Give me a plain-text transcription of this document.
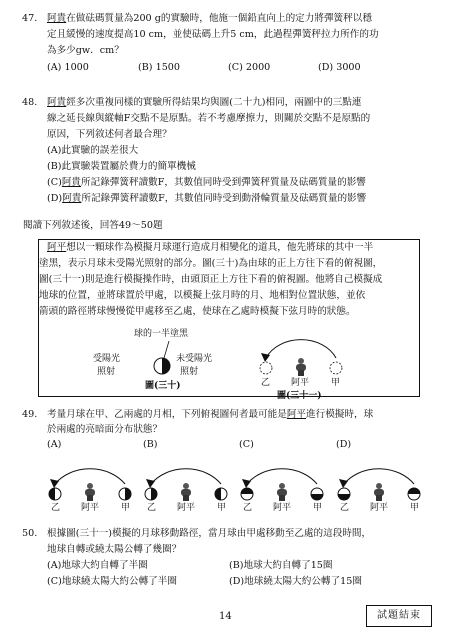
47. 阿貴在做砝碼質量為200 g的實驗時，他施一個鉛直向上的定力將彈簧秤以穩
定且緩慢的速度提高10 cm，並使砝碼上升5 cm，此過程彈簧秤拉力所作的功
為多少gw．cm？
(A) 1000	(B) 1500	(C) 2000	(D) 3000
48. 阿貴經多次重複同樣的實驗所得結果均與圖(二十九)相同，兩圖中的三點連
線之延長線與縱軸F交點不是原點。若不考慮摩擦力，則關於交點不是原點的
原因，下列敘述何者最合理？
(A)此實驗的誤差很大
(B)此實驗裝置屬於費力的簡單機械
(C)阿貴所記錄彈簧秤讀數F，其數值同時受到彈簧秤質量及砝碼質量的影響
(D)阿貴所記錄彈簧秤讀數F，其數值同時受到動滑輪質量及砝碼質量的影響
閱讀下列敘述後，回答49～50題
阿平想以一顆球作為模擬月球運行造成月相變化的道具，他先將球的其中一半
塗黑，表示月球未受陽光照射的部分。圖(三十)為由球的正上方往下看的俯視圖，
圖(三十一)則是進行模擬操作時，由頭頂正上方往下看的俯視圖。他將自己模擬成
地球的位置，並將球置於甲處，以模擬上弦月時的月、地相對位置狀態，並依
箭頭的路徑將球慢慢從甲處移至乙處，使球在乙處時模擬下弦月時的狀態。
球的一半塗黑
受陽光
照射
未受陽光
照射
圖(三十)	乙 阿平 甲
圖(三十一)
49. 考量月球在甲、乙兩處的月相，下列俯視圖何者最可能是阿平進行模擬時，球
於兩處的亮暗面分布狀態？
(A)	(B)	(C)	(D)
乙 阿平 甲 乙 阿平 甲 乙 阿平 甲 乙 阿平 甲
50. 根據圖(三十一)模擬的月球移動路徑，當月球由甲處移動至乙處的這段時間，
地球自轉或繞太陽公轉了幾圈？
(A)地球大約自轉了半圈	(B)地球大約自轉了15圈
(C)地球繞太陽大約公轉了半圈	(D)地球繞太陽大約公轉了15圈
14	試題結束
